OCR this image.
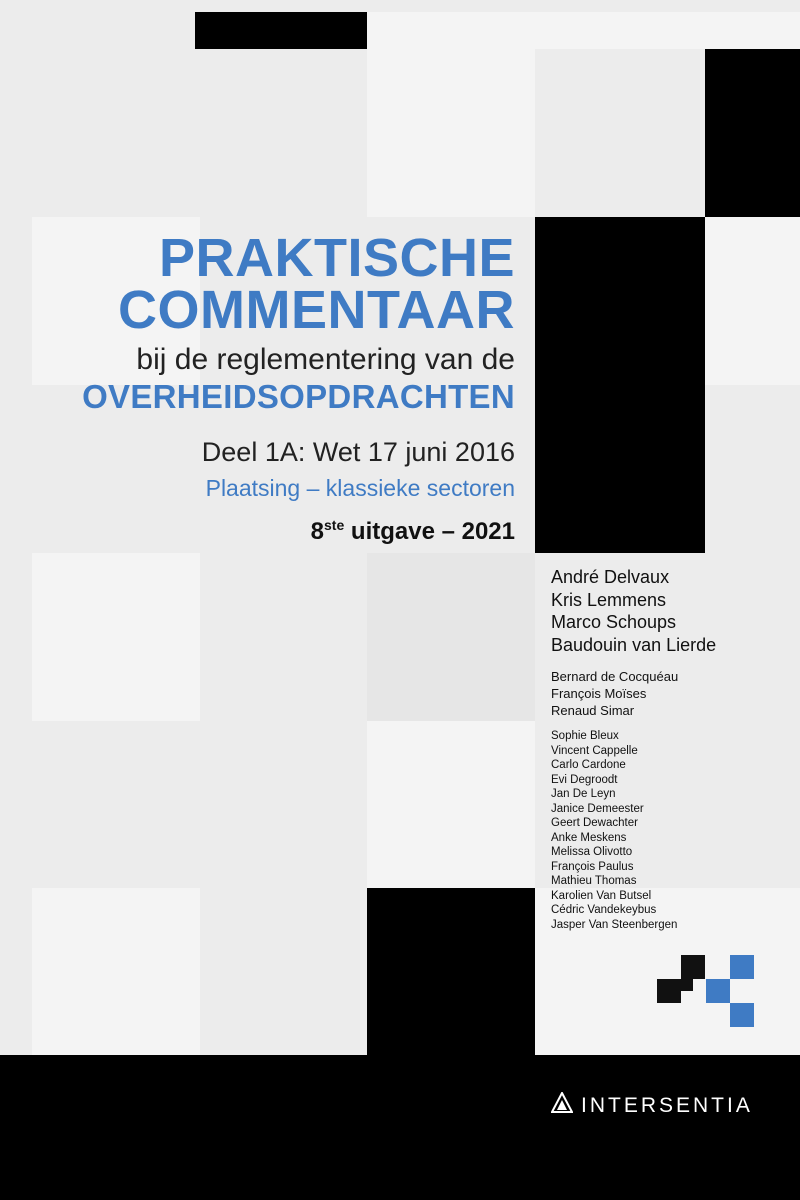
PRAKTISCHE
COMMENTAAR
bij de reglementering van de
OVERHEIDSOPDRACHTEN
Deel 1A: Wet 17 juni 2016
Plaatsing – klassieke sectoren
8ste uitgave – 2021
André Delvaux
Kris Lemmens
Marco Schoups
Baudouin van Lierde
Bernard de Cocquéau
François Moïses
Renaud Simar
Sophie Bleux
Vincent Cappelle
Carlo Cardone
Evi Degroodt
Jan De Leyn
Janice Demeester
Geert Dewachter
Anke Meskens
Melissa Olivotto
François Paulus
Mathieu Thomas
Karolien Van Butsel
Cédric Vandekeybus
Jasper Van Steenbergen
INTERSENTIA
